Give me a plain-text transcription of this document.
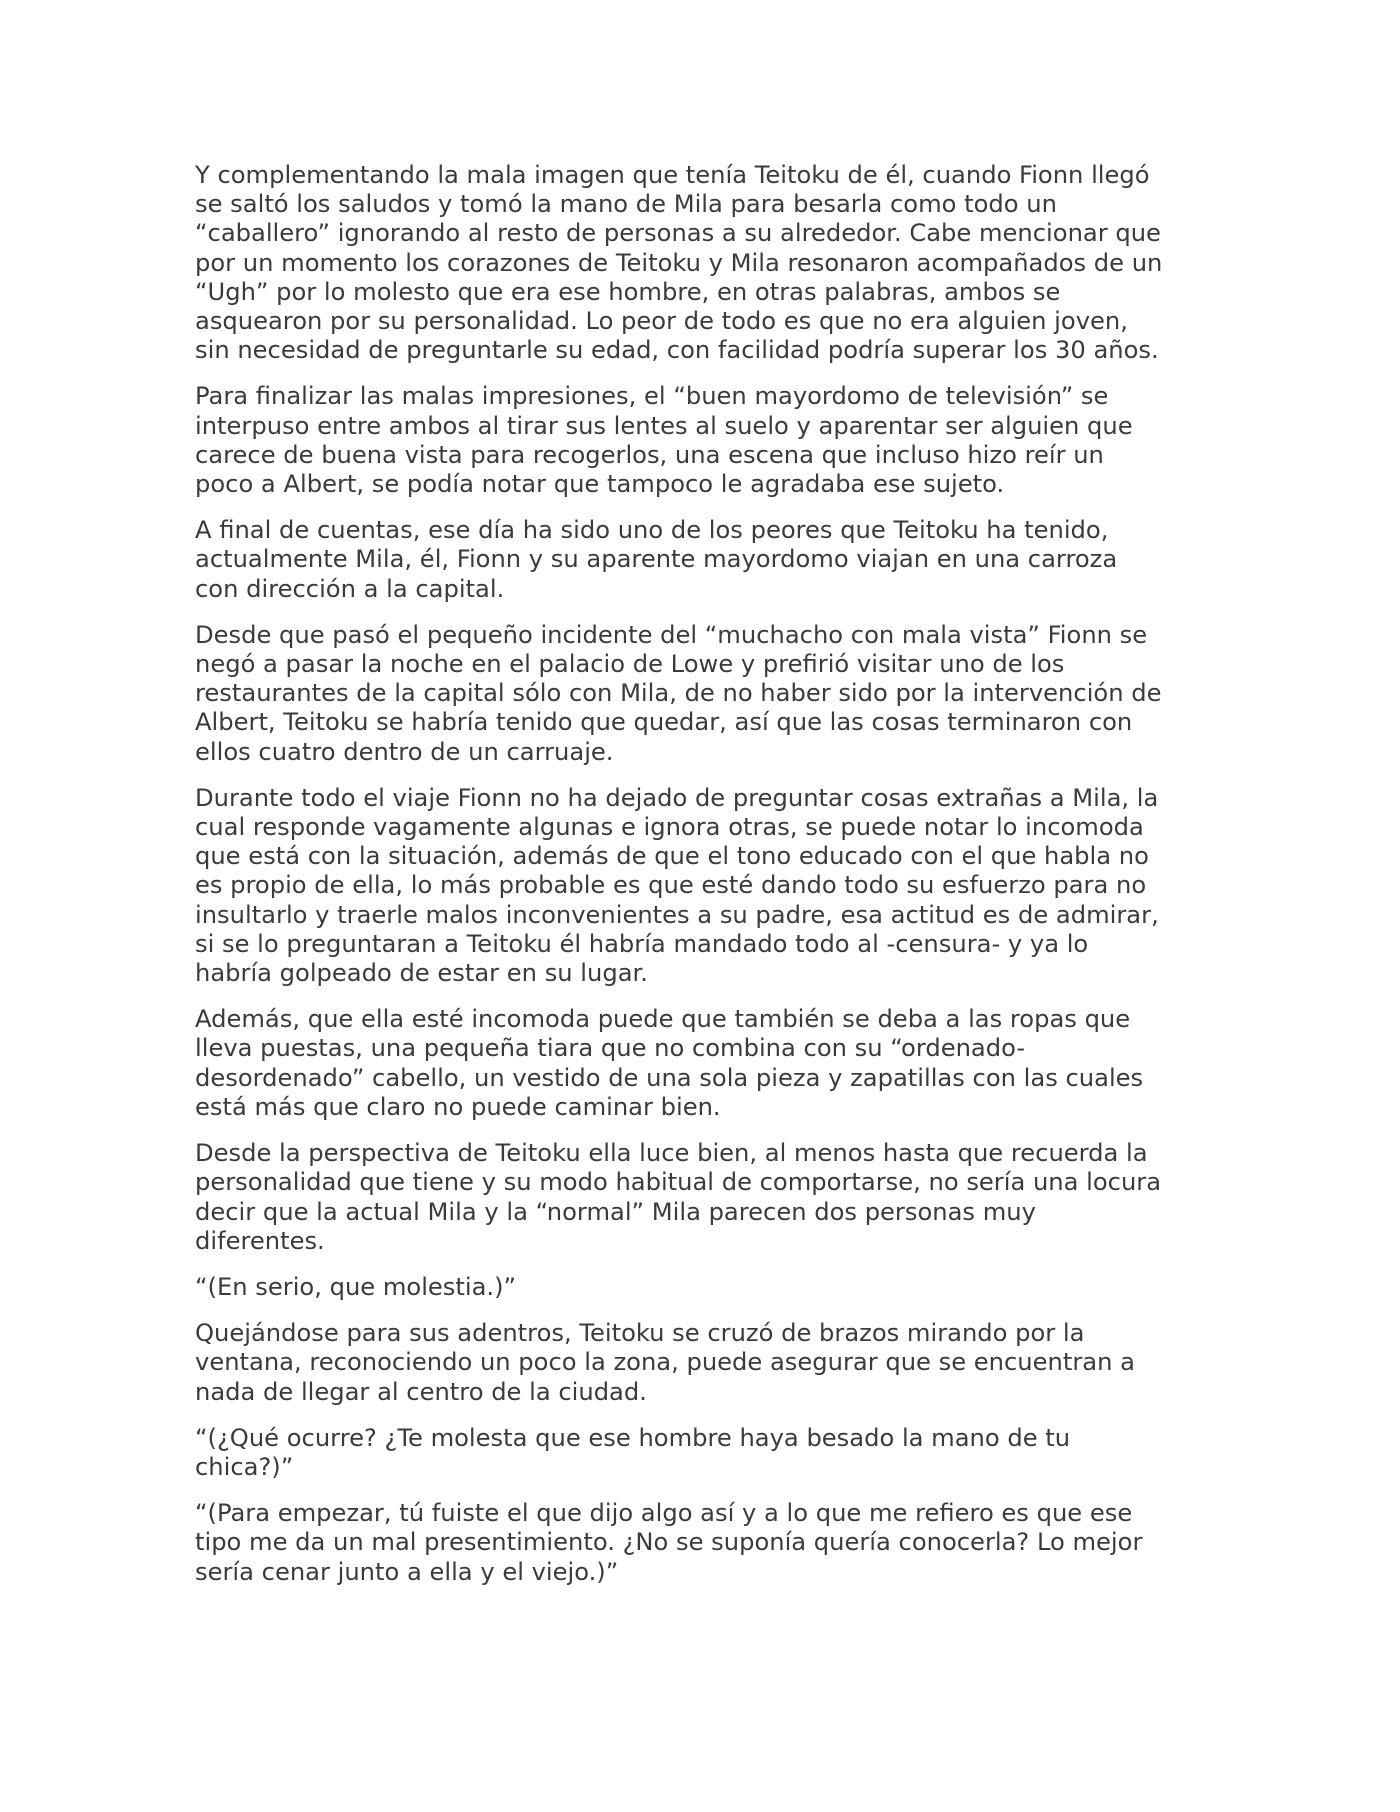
Y complementando la mala imagen que tenía Teitoku de él, cuando Fionn llegó
se saltó los saludos y tomó la mano de Mila para besarla como todo un
“caballero” ignorando al resto de personas a su alrededor. Cabe mencionar que
por un momento los corazones de Teitoku y Mila resonaron acompañados de un
“Ugh” por lo molesto que era ese hombre, en otras palabras, ambos se
asquearon por su personalidad. Lo peor de todo es que no era alguien joven,
sin necesidad de preguntarle su edad, con facilidad podría superar los 30 años.

Para finalizar las malas impresiones, el “buen mayordomo de televisión” se
interpuso entre ambos al tirar sus lentes al suelo y aparentar ser alguien que
carece de buena vista para recogerlos, una escena que incluso hizo reír un
poco a Albert, se podía notar que tampoco le agradaba ese sujeto.

A final de cuentas, ese día ha sido uno de los peores que Teitoku ha tenido,
actualmente Mila, él, Fionn y su aparente mayordomo viajan en una carroza
con dirección a la capital.

Desde que pasó el pequeño incidente del “muchacho con mala vista” Fionn se
negó a pasar la noche en el palacio de Lowe y prefirió visitar uno de los
restaurantes de la capital sólo con Mila, de no haber sido por la intervención de
Albert, Teitoku se habría tenido que quedar, así que las cosas terminaron con
ellos cuatro dentro de un carruaje.

Durante todo el viaje Fionn no ha dejado de preguntar cosas extrañas a Mila, la
cual responde vagamente algunas e ignora otras, se puede notar lo incomoda
que está con la situación, además de que el tono educado con el que habla no
es propio de ella, lo más probable es que esté dando todo su esfuerzo para no
insultarlo y traerle malos inconvenientes a su padre, esa actitud es de admirar,
si se lo preguntaran a Teitoku él habría mandado todo al -censura- y ya lo
habría golpeado de estar en su lugar.

Además, que ella esté incomoda puede que también se deba a las ropas que
lleva puestas, una pequeña tiara que no combina con su “ordenado-
desordenado” cabello, un vestido de una sola pieza y zapatillas con las cuales
está más que claro no puede caminar bien.

Desde la perspectiva de Teitoku ella luce bien, al menos hasta que recuerda la
personalidad que tiene y su modo habitual de comportarse, no sería una locura
decir que la actual Mila y la “normal” Mila parecen dos personas muy
diferentes.

“(En serio, que molestia.)”

Quejándose para sus adentros, Teitoku se cruzó de brazos mirando por la
ventana, reconociendo un poco la zona, puede asegurar que se encuentran a
nada de llegar al centro de la ciudad.

“(¿Qué ocurre? ¿Te molesta que ese hombre haya besado la mano de tu
chica?)”

“(Para empezar, tú fuiste el que dijo algo así y a lo que me refiero es que ese
tipo me da un mal presentimiento. ¿No se suponía quería conocerla? Lo mejor
sería cenar junto a ella y el viejo.)”
